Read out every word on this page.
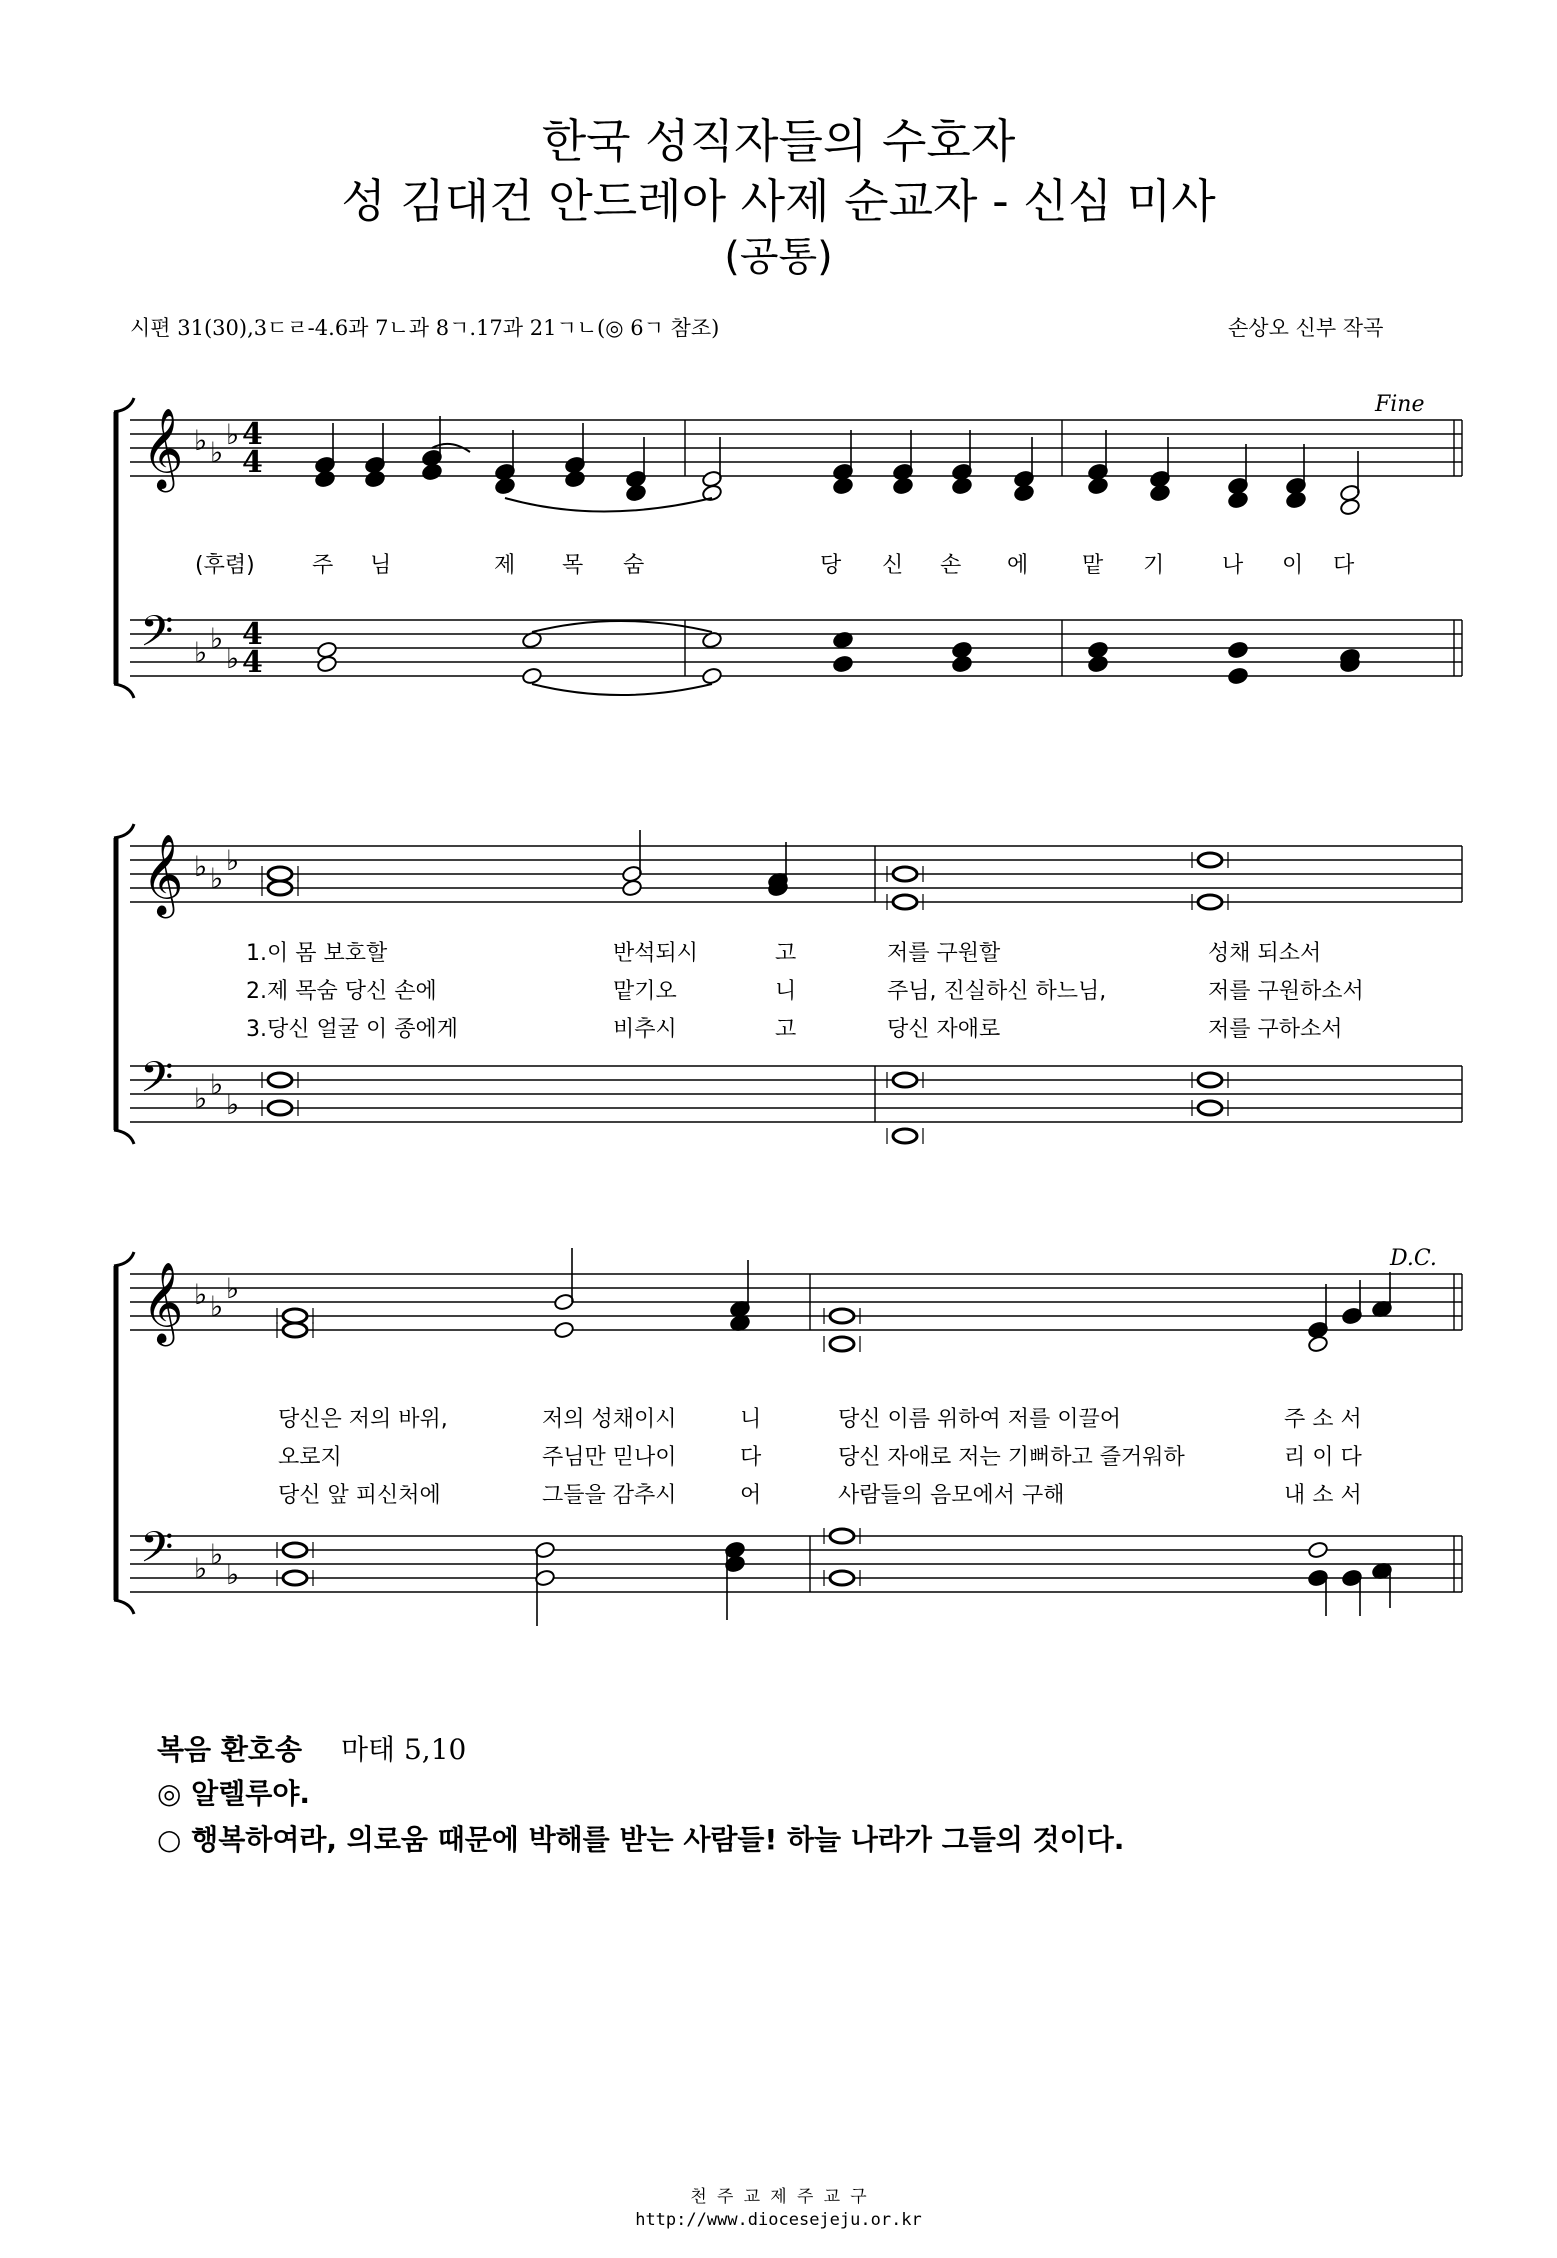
한국 성직자들의 수호자
성 김대건 안드레아 사제 순교자 - 신심 미사
(공통)
시편 31(30),3ㄷㄹ-4.6과 7ㄴ과 8ㄱ.17과 21ㄱㄴ(◎ 6ㄱ 참조)	손상오 신부 작곡
𝄞
𝄢
♭ ♭
♭
♭ ♭
♭
4
4
4
4
𝄞
𝄢
♭ ♭
♭
♭ ♭
♭
𝄞
𝄢
♭ ♭
♭
♭ ♭
♭
Fine
(후렴)	주 님	제 목 숨	당 신 손 에 맡 기	나 이 다
1.이 몸 보호할	반석되시	고	저를 구원할	성채 되소서
2.제 목숨 당신 손에	맡기오	니	주님, 진실하신 하느님,	저를 구원하소서
3.당신 얼굴 이 종에게	비추시	고	당신 자애로	저를 구하소서
D.C.
당신은 저의 바위,	저의 성채이시	니	당신 이름 위하여 저를 이끌어	주 소 서
오로지	주님만 믿나이	다	당신 자애로 저는 기뻐하고 즐거워하	리 이 다
당신 앞 피신처에	그들을 감추시	어	사람들의 음모에서 구해	내 소 서
복음 환호송 마태 5,10
◎ 알렐루야.
○ 행복하여라, 의로움 때문에 박해를 받는 사람들! 하늘 나라가 그들의 것이다.
천 주 교 제 주 교 구
http://www.diocesejeju.or.kr
